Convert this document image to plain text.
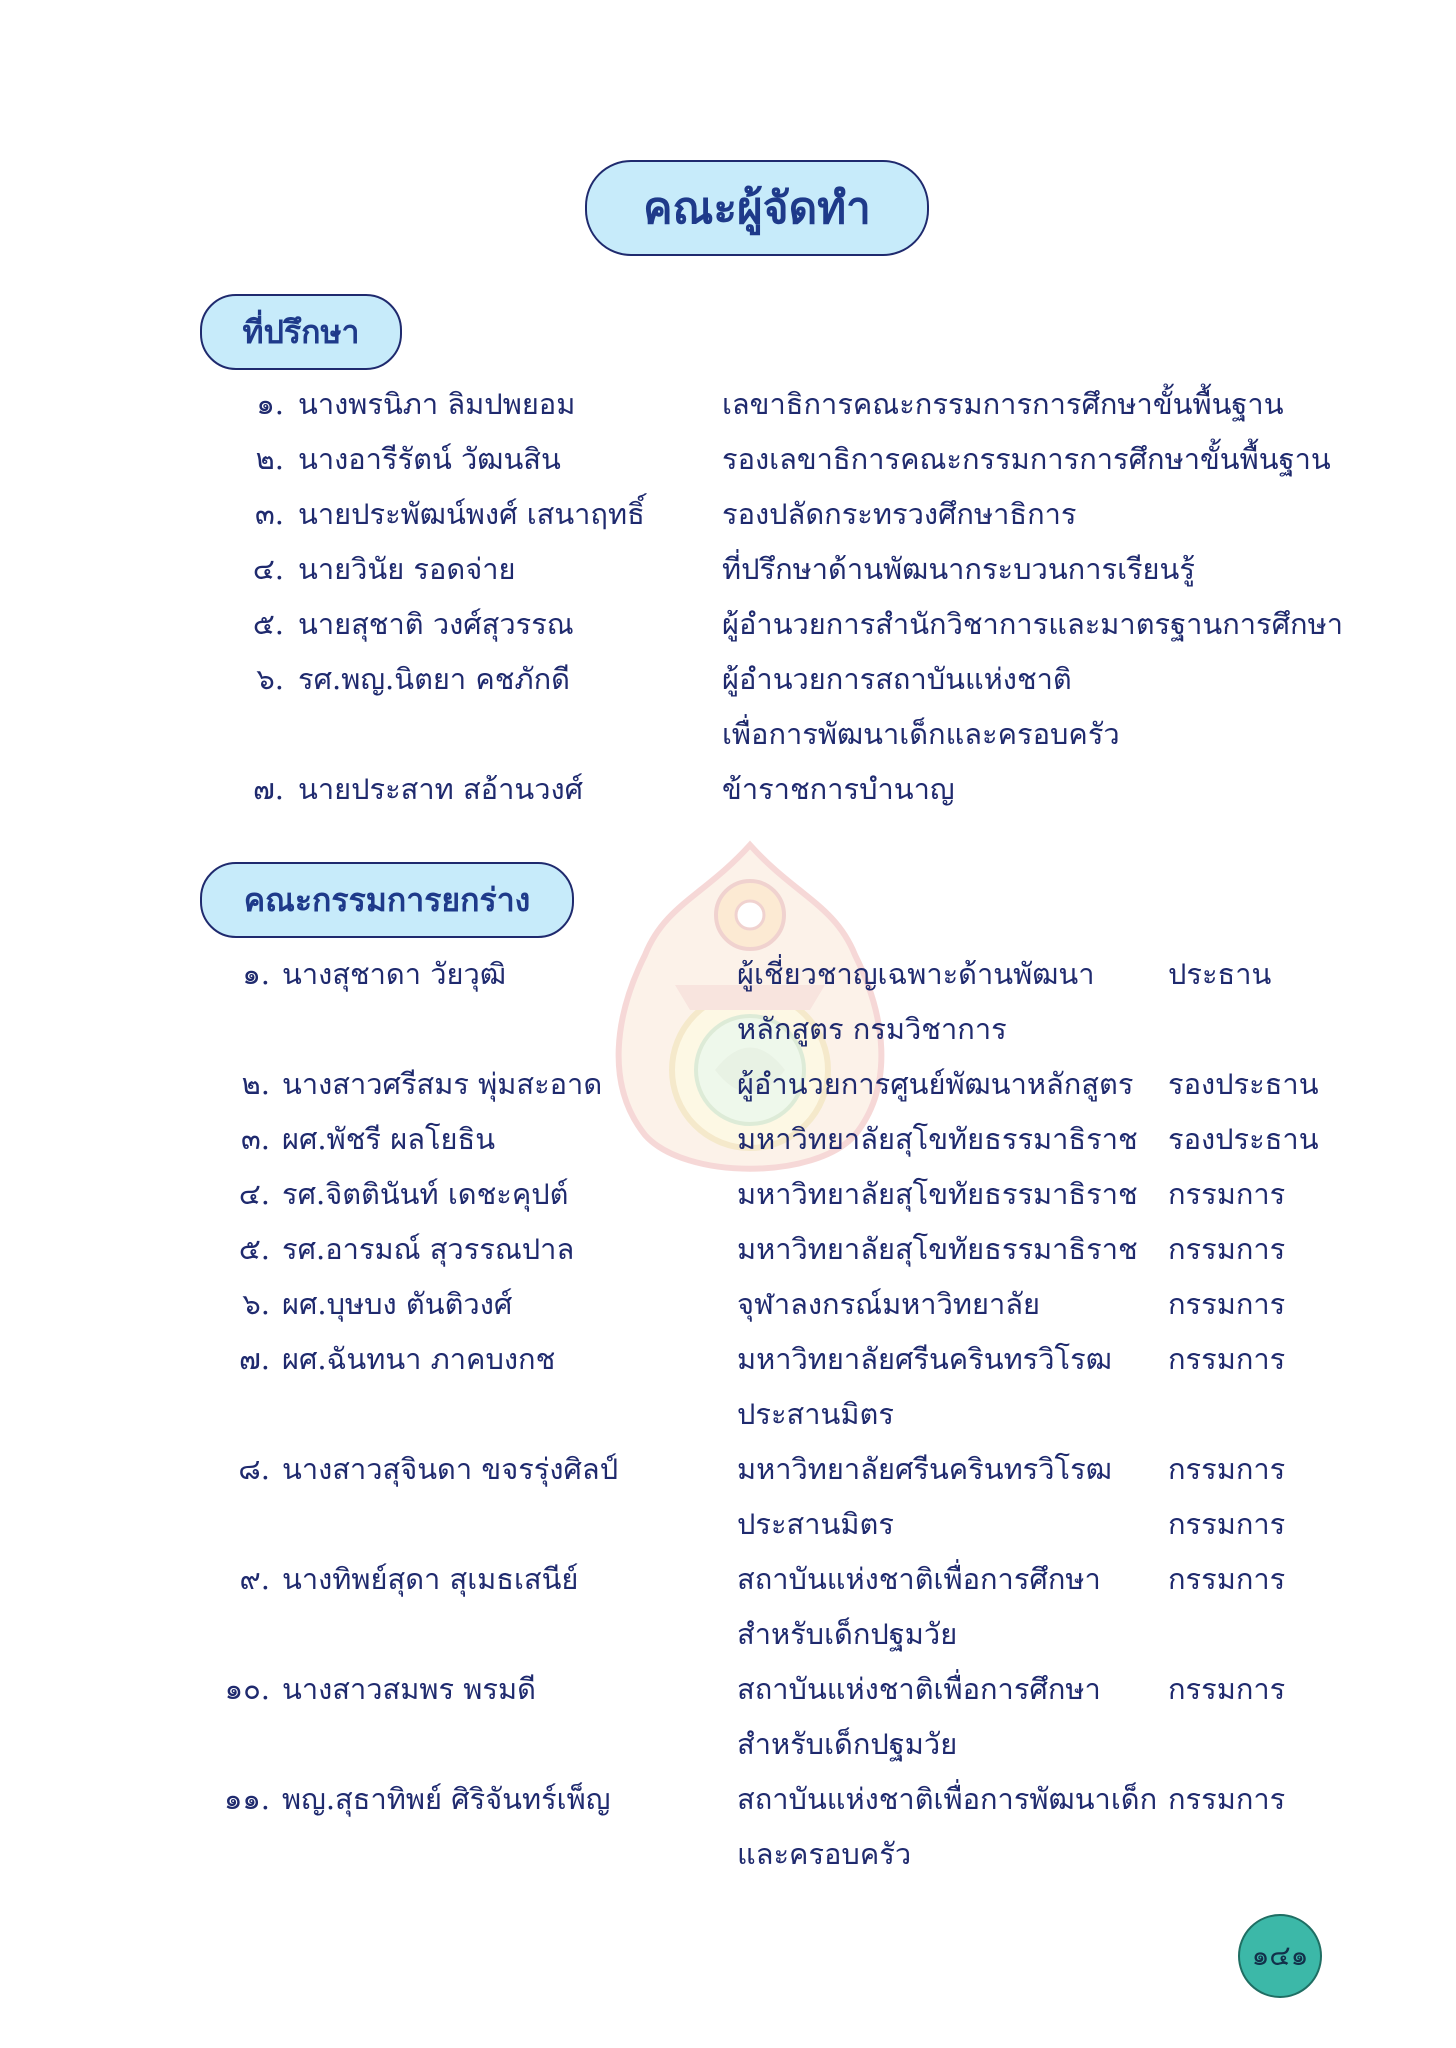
คณะผู้จัดทำ
ที่ปรึกษา
๑. นางพรนิภา ลิมปพยอม	เลขาธิการคณะกรรมการการศึกษาขั้นพื้นฐาน
๒. นางอารีรัตน์ วัฒนสิน	รองเลขาธิการคณะกรรมการการศึกษาขั้นพื้นฐาน
๓. นายประพัฒน์พงศ์ เสนาฤทธิ์	รองปลัดกระทรวงศึกษาธิการ
๔. นายวินัย รอดจ่าย	ที่ปรึกษาด้านพัฒนากระบวนการเรียนรู้
๕. นายสุชาติ วงศ์สุวรรณ	ผู้อำนวยการสำนักวิชาการและมาตรฐานการศึกษา
๖. รศ.พญ.นิตยา คชภักดี	ผู้อำนวยการสถาบันแห่งชาติ
เพื่อการพัฒนาเด็กและครอบครัว
๗. นายประสาท สอ้านวงศ์	ข้าราชการบำนาญ
คณะกรรมการยกร่าง
๑. นางสุชาดา วัยวุฒิ	ผู้เชี่ยวชาญเฉพาะด้านพัฒนา	ประธาน
หลักสูตร กรมวิชาการ
๒. นางสาวศรีสมร พุ่มสะอาด	ผู้อำนวยการศูนย์พัฒนาหลักสูตร รองประธาน
๓. ผศ.พัชรี ผลโยธิน	มหาวิทยาลัยสุโขทัยธรรมาธิราช รองประธาน
๔. รศ.จิตตินันท์ เดชะคุปต์	มหาวิทยาลัยสุโขทัยธรรมาธิราช กรรมการ
๕. รศ.อารมณ์ สุวรรณปาล	มหาวิทยาลัยสุโขทัยธรรมาธิราช กรรมการ
๖. ผศ.บุษบง ตันติวงศ์	จุฬาลงกรณ์มหาวิทยาลัย	กรรมการ
๗. ผศ.ฉันทนา ภาคบงกช	มหาวิทยาลัยศรีนครินทรวิโรฒ กรรมการ
ประสานมิตร
๘. นางสาวสุจินดา ขจรรุ่งศิลป์	มหาวิทยาลัยศรีนครินทรวิโรฒ กรรมการ
ประสานมิตร	กรรมการ
๙. นางทิพย์สุดา สุเมธเสนีย์	สถาบันแห่งชาติเพื่อการศึกษา กรรมการ
สำหรับเด็กปฐมวัย
๑๐. นางสาวสมพร พรมดี	สถาบันแห่งชาติเพื่อการศึกษา กรรมการ
สำหรับเด็กปฐมวัย
๑๑. พญ.สุธาทิพย์ ศิริจันทร์เพ็ญ	สถาบันแห่งชาติเพื่อการพัฒนาเด็ก กรรมการ
และครอบครัว
๑๔๑
